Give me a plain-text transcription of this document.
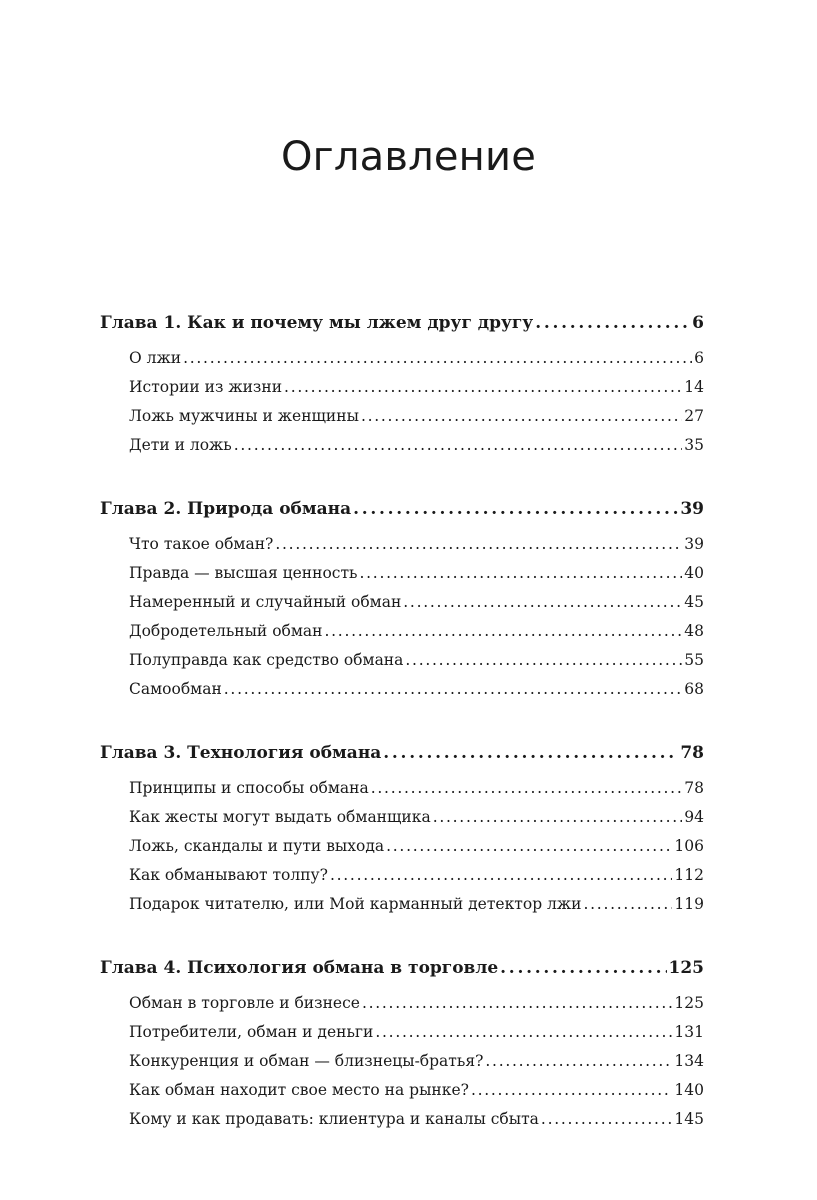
Оглавление
Глава 1. Как и почему мы лжем друг другу . . .	6
О лжи . . .	6
Истории из жизни . . .	14
Ложь мужчины и женщины . . .	27
Дети и ложь . . .	35
Глава 2. Природа обмана . . .	39
Что такое обман? . . .	39
Правда — высшая ценность . . .	40
Намеренный и случайный обман . . .	45
Добродетельный обман . . .	48
Полуправда как средство обмана . . .	55
Самообман . . .	68
Глава 3. Технология обмана . . .	78
Принципы и способы обмана . . .	78
Как жесты могут выдать обманщика . . .	94
Ложь, скандалы и пути выхода . . .	106
Как обманывают толпу? . . .	112
Подарок читателю, или Мой карманный детектор лжи . . .	119
Глава 4. Психология обмана в торговле . . .	125
Обман в торговле и бизнесе . . .	125
Потребители, обман и деньги . . .	131
Конкуренция и обман — близнецы-братья? . . .	134
Как обман находит свое место на рынке? . . .	140
Кому и как продавать: клиентура и каналы сбыта . . .	145
